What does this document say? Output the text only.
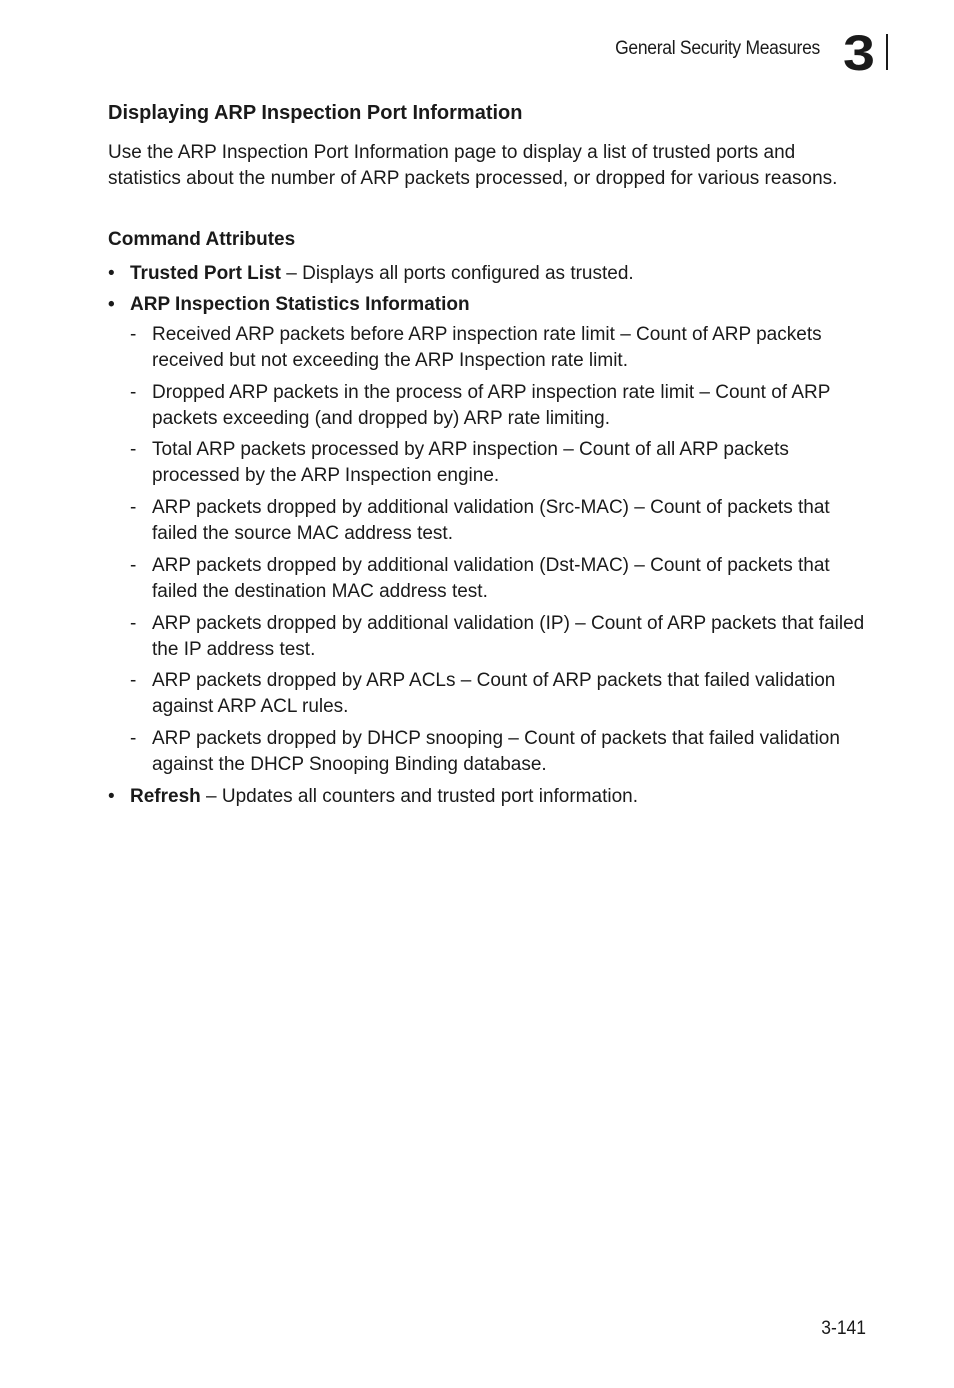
General Security Measures 3
Displaying ARP Inspection Port Information

Use the ARP Inspection Port Information page to display a list of trusted ports and statistics about the number of ARP packets processed, or dropped for various reasons.

Command Attributes
• Trusted Port List – Displays all ports configured as trusted.
• ARP Inspection Statistics Information
- Received ARP packets before ARP inspection rate limit – Count of ARP packets received but not exceeding the ARP Inspection rate limit.
- Dropped ARP packets in the process of ARP inspection rate limit – Count of ARP packets exceeding (and dropped by) ARP rate limiting.
- Total ARP packets processed by ARP inspection – Count of all ARP packets processed by the ARP Inspection engine.
- ARP packets dropped by additional validation (Src-MAC) – Count of packets that failed the source MAC address test.
- ARP packets dropped by additional validation (Dst-MAC) – Count of packets that failed the destination MAC address test.
- ARP packets dropped by additional validation (IP) – Count of ARP packets that failed the IP address test.
- ARP packets dropped by ARP ACLs – Count of ARP packets that failed validation against ARP ACL rules.
- ARP packets dropped by DHCP snooping – Count of packets that failed validation against the DHCP Snooping Binding database.
• Refresh – Updates all counters and trusted port information.
3-141
